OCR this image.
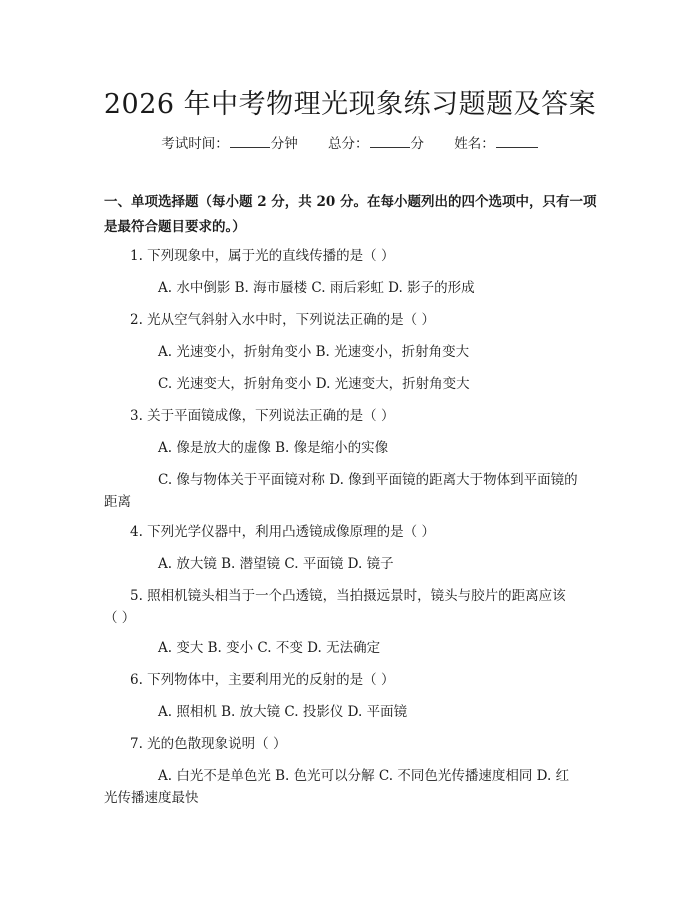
2026 年中考物理光现象练习题题及答案
考试时间：	分钟 总分：	分 姓名：

一、单项选择题（每小题 2 分，共 20 分。在每小题列出的四个选项中，只有一项是最符合题目要求的。）

1. 下列现象中，属于光的直线传播的是（ ）

A. 水中倒影 B. 海市蜃楼 C. 雨后彩虹 D. 影子的形成

2. 光从空气斜射入水中时，下列说法正确的是（ ）

A. 光速变小，折射角变小 B. 光速变小，折射角变大

C. 光速变大，折射角变小 D. 光速变大，折射角变大

3. 关于平面镜成像，下列说法正确的是（ ）

A. 像是放大的虚像 B. 像是缩小的实像

C. 像与物体关于平面镜对称 D. 像到平面镜的距离大于物体到平面镜的

距离

4. 下列光学仪器中，利用凸透镜成像原理的是（ ）

A. 放大镜 B. 潜望镜 C. 平面镜 D. 镜子

5. 照相机镜头相当于一个凸透镜，当拍摄远景时，镜头与胶片的距离应该

（ ）

A. 变大 B. 变小 C. 不变 D. 无法确定

6. 下列物体中，主要利用光的反射的是（ ）

A. 照相机 B. 放大镜 C. 投影仪 D. 平面镜

7. 光的色散现象说明（ ）

A. 白光不是单色光 B. 色光可以分解 C. 不同色光传播速度相同 D. 红

光传播速度最快
